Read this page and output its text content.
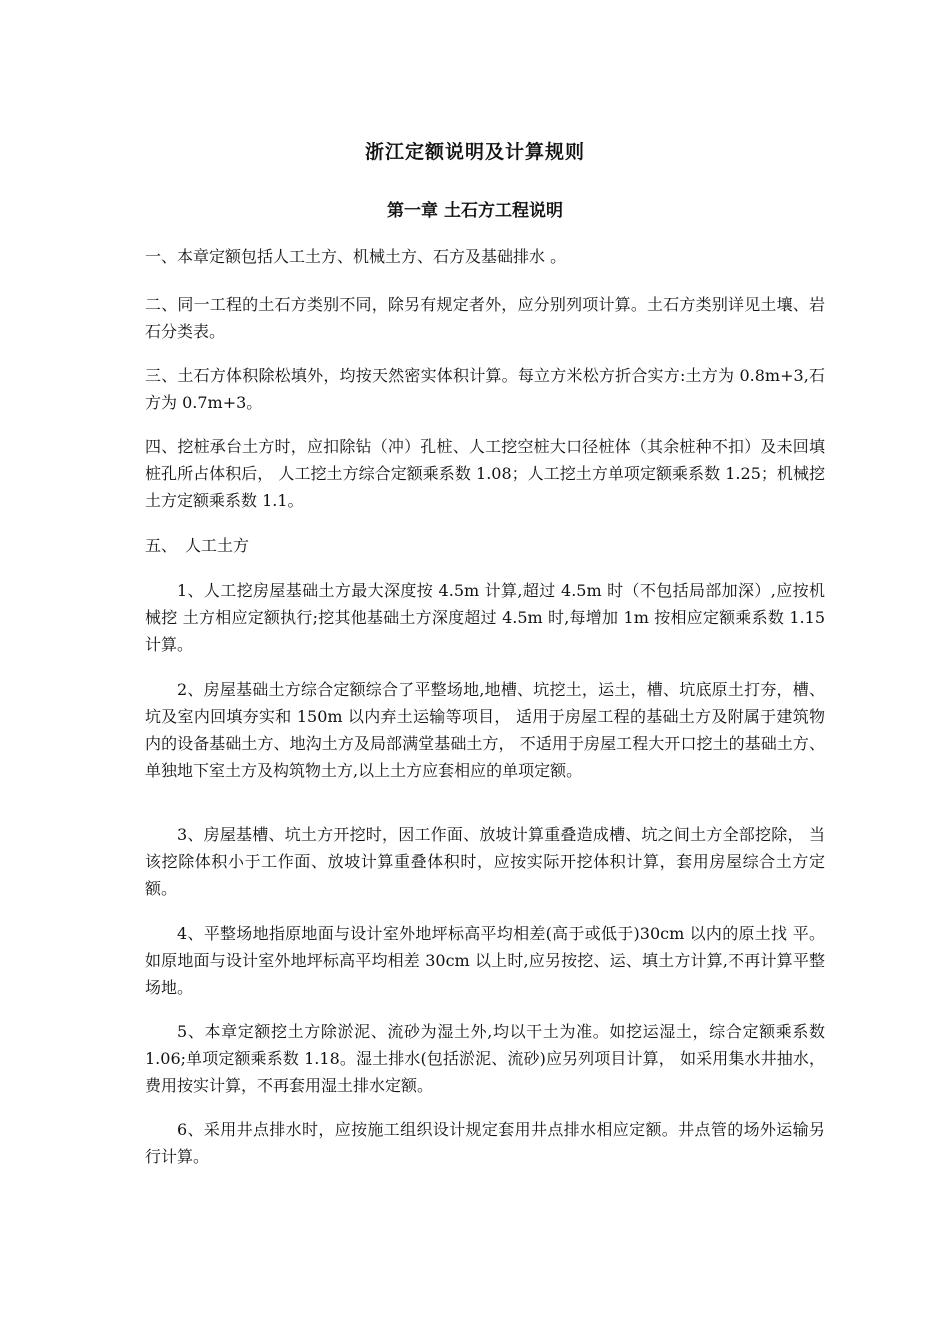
浙江定额说明及计算规则
第一章 土石方工程说明

一、本章定额包括人工土方、机械土方、石方及基础排水 。

二、同一工程的土石方类别不同，除另有规定者外，应分别列项计算。土石方类别详见土壤、岩石分类表。

三、土石方体积除松填外，均按天然密实体积计算。每立方米松方折合实方:土方为 0.8m+3,石方为 0.7m+3。

四、挖桩承台土方时，应扣除钻（冲）孔桩、人工挖空桩大口径桩体（其余桩种不扣）及未回填桩孔所占体积后， 人工挖土方综合定额乘系数 1.08；人工挖土方单项定额乘系数 1.25；机械挖土方定额乘系数 1.1。

五、　人工土方

1、人工挖房屋基础土方最大深度按 4.5m 计算,超过 4.5m 时（不包括局部加深）,应按机械挖 土方相应定额执行;挖其他基础土方深度超过 4.5m 时,每增加 1m 按相应定额乘系数 1.15 计算。

2、房屋基础土方综合定额综合了平整场地,地槽、坑挖土，运土，槽、坑底原土打夯，槽、坑及室内回填夯实和 150m 以内弃土运输等项目， 适用于房屋工程的基础土方及附属于建筑物内的设备基础土方、地沟土方及局部满堂基础土方， 不适用于房屋工程大开口挖土的基础土方、单独地下室土方及构筑物土方,以上土方应套相应的单项定额。

3、房屋基槽、坑土方开挖时，因工作面、放坡计算重叠造成槽、坑之间土方全部挖除， 当该挖除体积小于工作面、放坡计算重叠体积时，应按实际开挖体积计算，套用房屋综合土方定额。

4、平整场地指原地面与设计室外地坪标高平均相差(高于或低于)30cm 以内的原土找 平。如原地面与设计室外地坪标高平均相差 30cm 以上时,应另按挖、运、填土方计算,不再计算平整场地。

5、本章定额挖土方除淤泥、流砂为湿土外,均以干土为准。如挖运湿土，综合定额乘系数 1.06;单项定额乘系数 1.18。湿土排水(包括淤泥、流砂)应另列项目计算， 如采用集水井抽水，费用按实计算，不再套用湿土排水定额。

6、采用井点排水时，应按施工组织设计规定套用井点排水相应定额。井点管的场外运输另行计算。
